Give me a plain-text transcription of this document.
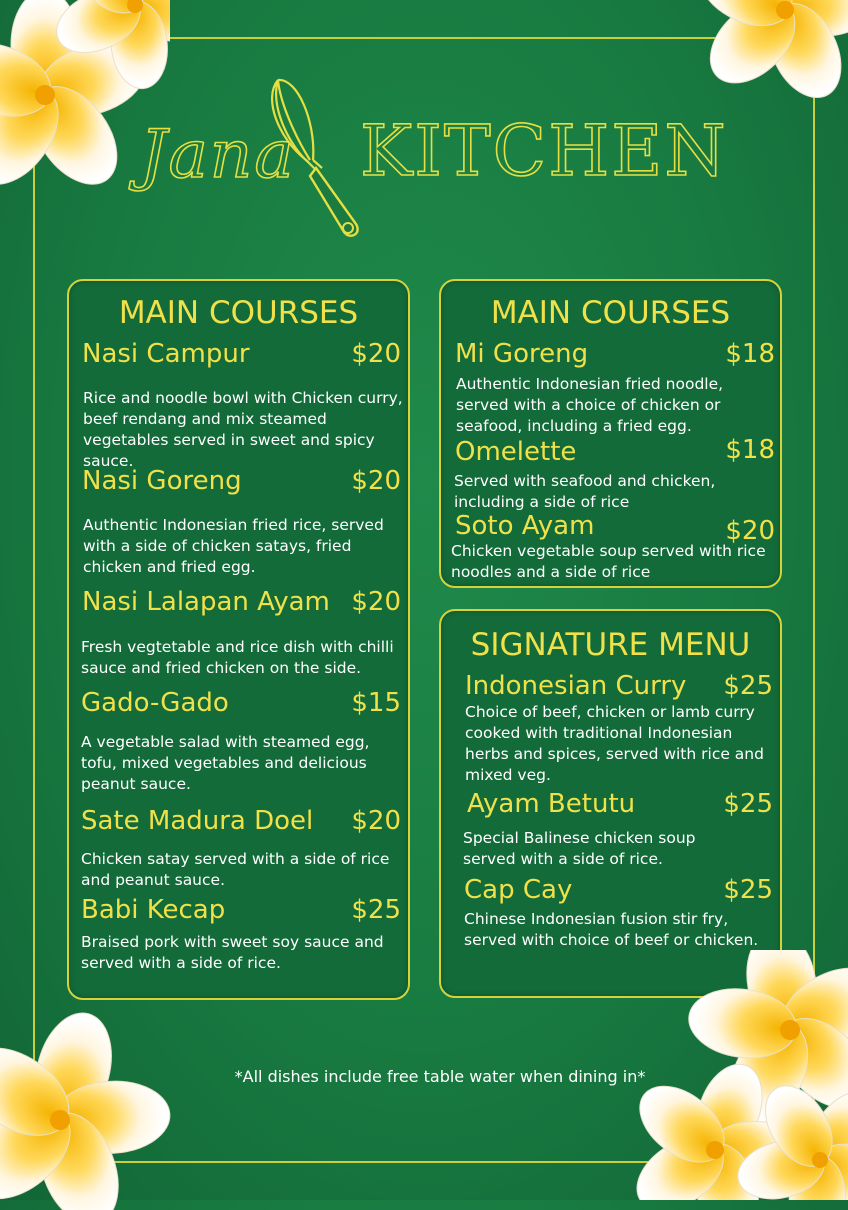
Jana KITCHEN
MAIN COURSES
Nasi Campur	$20
Rice and noodle bowl with Chicken curry, beef rendang and mix steamed vegetables served in sweet and spicy sauce.
Nasi Goreng	$20
Authentic Indonesian fried rice, served with a side of chicken satays, fried chicken and fried egg.
Nasi Lalapan Ayam $20
Fresh vegtetable and rice dish with chilli sauce and fried chicken on the side.
Gado-Gado	$15
A vegetable salad with steamed egg, tofu, mixed vegetables and delicious peanut sauce.
Sate Madura Doel $20
Chicken satay served with a side of rice and peanut sauce.
Babi Kecap	$25
Braised pork with sweet soy sauce and served with a side of rice.
MAIN COURSES
Mi Goreng	$18
Authentic Indonesian fried noodle, served with a choice of chicken or seafood, including a fried egg.
Omelette	$18
Served with seafood and chicken, including a side of rice
Soto Ayam	$20
Chicken vegetable soup served with rice noodles and a side of rice
SIGNATURE MENU
Indonesian Curry $25
Choice of beef, chicken or lamb curry cooked with traditional Indonesian herbs and spices, served with rice and mixed veg.
Ayam Betutu	$25
Special Balinese chicken soup served with a side of rice.
Cap Cay	$25
Chinese Indonesian fusion stir fry, served with choice of beef or chicken.
*All dishes include free table water when dining in*
